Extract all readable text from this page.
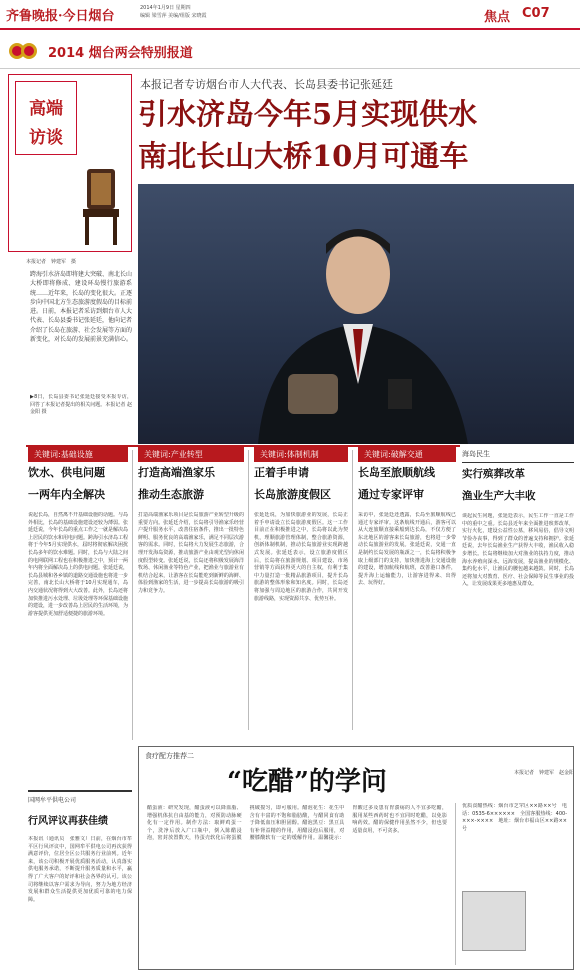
齐鲁晚报·今日烟台
2014年1月9日 星期四
编辑 梁雪萍 美编/组版 宋晓霞	焦点 C07
2014 烟台两会特别报道
高端
访谈
本报记者专访烟台市人大代表、长岛县委书记张延廷
引水济岛今年5月实现供水
南北长山大桥10月可通车
本报记者　钟建军　摄
跨海引水济岛即将建大突破、南北长山大桥即将修成、建设环岛慢行旅游系统……近年来，长岛的变化很大。正逐步向中国北方生态旅游度假岛的目标前进。日前，本报记者采访到烟台市人大代表、长岛县委书记张延廷，他向记者介绍了长岛在旅游、社会发展等方面的新变化，对长岛的发展前景充满信心。
▶8日，长岛县委书记张延廷接受本报专访，回答了本报记者提出的相关问题。本报记者 赵金阳 摄
关键词:基础设施
饮水、供电问题
一两年内全解决
说起长岛，自然离不开基础设施的话题。与岛外相比，长岛的基础设施建设还较为薄弱。张延廷说，今年长岛的重点工作之一就是解决岛上居民的饮水和用电问题。跨海引水济岛工程将于今年5月实现供水，届时将彻底解决困扰长岛多年的饮水难题。同时，长岛与大陆之间的电网联网工程也在积极推进之中，预计一两年内将全面解决岛上的供电问题。张延廷说，长岛县城和各乡镇的道路交通设施也将进一步完善，南北长山大桥将于10月实现通车，岛内交通状况将得到大大改善。此外，长岛还将加快推进污水处理、垃圾处理等环保基础设施的建设，进一步改善岛上居民的生活环境，为游客提供更加舒适便捷的旅游环境。
关键词:产业转型
打造高端渔家乐
推动生态旅游
打造高端渔家乐项目是长岛旅游产业转型升级的重要方向。张延廷介绍，长岛将引导渔家乐经营户提升服务水平，改善住宿条件，推出一批特色鲜明、服务优良的高端渔家乐，满足不同层次游客的需求。同时，长岛将大力发展生态旅游，合理开发海岛资源，推动旅游产业由观光型向休闲度假型转变。张延廷说，长岛还将积极发展海洋牧场、休闲渔业等特色产业，把渔业与旅游业有机结合起来，让游客在长岛能吃到新鲜的海鲜、体验到渔家的生活，进一步提高长岛旅游的吸引力和竞争力。
关键词:体制机制
正着手申请
长岛旅游度假区
张延廷说，为加快旅游业的发展，长岛正着手申请设立长岛旅游度假区。这一工作目前正在积极推进之中，长岛将以此为契机，理顺旅游管理体制，整合旅游资源，创新体制机制，推动长岛旅游业实现跨越式发展。张延廷表示，设立旅游度假区后，长岛将在旅游规划、项目建设、市场营销等方面获得更大的自主权，有利于集中力量打造一批精品旅游项目，提升长岛旅游的整体形象和知名度。同时，长岛还将加强与周边地区的旅游合作，共同开发旅游线路，实现资源共享、优势互补。
关键词:破解交通
长岛至旅顺航线
通过专家评审
采访中，张延廷还透露，长岛至旅顺航线已通过专家评审。这条航线开通后，游客可以从大连旅顺直接乘船到达长岛，不仅方便了东北地区的游客来长岛旅游，也将进一步带动长岛旅游业的发展。张延廷说，交通一直是制约长岛发展的瓶颈之一，长岛将积极争取上级部门的支持，加快推进海上交通设施的建设，增加航线和航班，改善港口条件，提升海上运输能力，让游客进得来、出得去、玩得好。
海岛民生
实行殡葬改革
渔业生产大丰收
谈起民生问题，张延廷表示，民生工作一直是工作中的重中之重。长岛县近年来全面推进殡葬改革，实行火化，建设公益性公墓，移风易俗，倡导文明节俭办丧事，得到了群众的普遍支持和拥护。张延廷说，去年长岛渔业生产获得大丰收，渔民收入稳步增长。长岛将继续加大对渔业的扶持力度，推动海水养殖向深水、远海发展，提高渔业的规模化、集约化水平，让渔民的腰包越来越鼓。同时，长岛还将加大对教育、医疗、社会保障等民生事业的投入，让发展成果更多地惠及群众。
本报记者　钟建军　赵金阳
食疗配方推荐二
“吃醋”的学问
醋蛋液：研究发现，醋蛋液可以降血脂、增强机体抗自由基的能力，对预防动脉硬化有一定作用。制作方法：取鲜鸡蛋一个，洗净后放入广口瓶中，倒入陈醋浸泡，密封放置数天，待蛋壳软化后将蛋膜挑破搅匀，即可服用。醋泡花生：花生中含有丰富的不饱和脂肪酸，与醋同食有助于降低血压和胆固醇。醋泡黑豆：黑豆具有补肾益精的作用，用醋浸泡后服用，对腰膝酸软有一定的缓解作用。温馨提示：胃酸过多及患有胃溃疡的人不宜多吃醋，服用某些西药时也不宜同时吃醋，以免影响药效。醋的保健作用虽然不少，但也要适量食用，不可贪多。
优质食醋热线：烟台市芝罘区××路××号　电话：0535-6××××××　全国客服热线：400-×××-××××　地址：烟台市福山区××路××号
国网牟平供电公司
行风评议再获佳绩
本报讯（通讯员　张雅文）日前，在烟台市牟平区行风评议中，国网牟平供电公司再次获得满意评价，位居全区公共服务行业前列。近年来，该公司积极开展优质服务活动，认真落实供电服务承诺，不断提升服务质量和水平，赢得了广大客户的好评和社会各界的认可。该公司将继续以客户需求为导向，努力为地方经济发展和群众生活提供更加优质可靠的电力保障。
